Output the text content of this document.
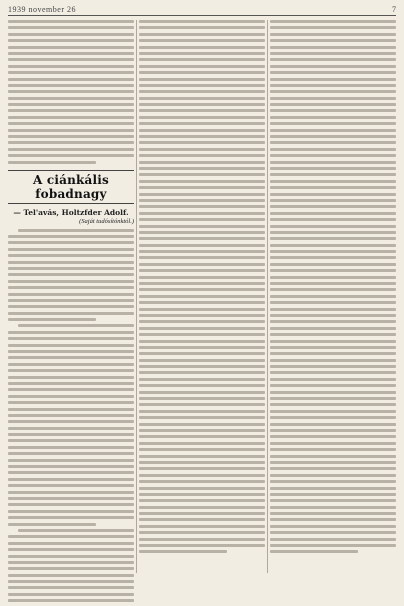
1939 november 26	7
A ciánkális fobadnagy
— Tel'avás, Holtzfder Adolf.
(Saját tudósítónktól.)
